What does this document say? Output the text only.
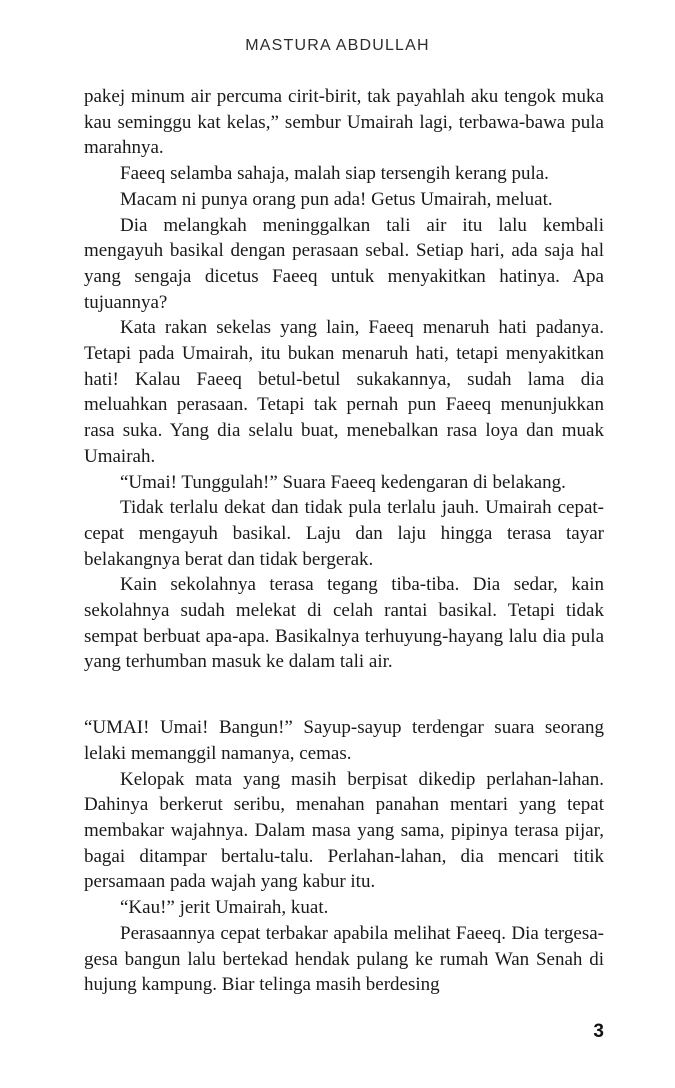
MASTURA ABDULLAH

pakej minum air percuma cirit-birit, tak payahlah aku tengok muka kau seminggu kat kelas,” sembur Umairah lagi, terbawa-bawa pula marahnya.

Faeeq selamba sahaja, malah siap tersengih kerang pula.

Macam ni punya orang pun ada! Getus Umairah, meluat.

Dia melangkah meninggalkan tali air itu lalu kembali mengayuh basikal dengan perasaan sebal. Setiap hari, ada saja hal yang sengaja dicetus Faeeq untuk menyakitkan hatinya. Apa tujuannya?

Kata rakan sekelas yang lain, Faeeq menaruh hati padanya. Tetapi pada Umairah, itu bukan menaruh hati, tetapi menyakitkan hati! Kalau Faeeq betul-betul sukakannya, sudah lama dia meluahkan perasaan. Tetapi tak pernah pun Faeeq menunjukkan rasa suka. Yang dia selalu buat, menebalkan rasa loya dan muak Umairah.

“Umai! Tunggulah!” Suara Faeeq kedengaran di belakang.

Tidak terlalu dekat dan tidak pula terlalu jauh. Umairah cepat-cepat mengayuh basikal. Laju dan laju hingga terasa tayar belakangnya berat dan tidak bergerak.

Kain sekolahnya terasa tegang tiba-tiba. Dia sedar, kain sekolahnya sudah melekat di celah rantai basikal. Tetapi tidak sempat berbuat apa-apa. Basikalnya terhuyung-hayang lalu dia pula yang terhumban masuk ke dalam tali air.

“UMAI! Umai! Bangun!” Sayup-sayup terdengar suara seorang lelaki memanggil namanya, cemas.

Kelopak mata yang masih berpisat dikedip perlahan-lahan. Dahinya berkerut seribu, menahan panahan mentari yang tepat membakar wajahnya. Dalam masa yang sama, pipinya terasa pijar, bagai ditampar bertalu-talu. Perlahan-lahan, dia mencari titik persamaan pada wajah yang kabur itu.

“Kau!” jerit Umairah, kuat.

Perasaannya cepat terbakar apabila melihat Faeeq. Dia tergesa-gesa bangun lalu bertekad hendak pulang ke rumah Wan Senah di hujung kampung. Biar telinga masih berdesing

3
